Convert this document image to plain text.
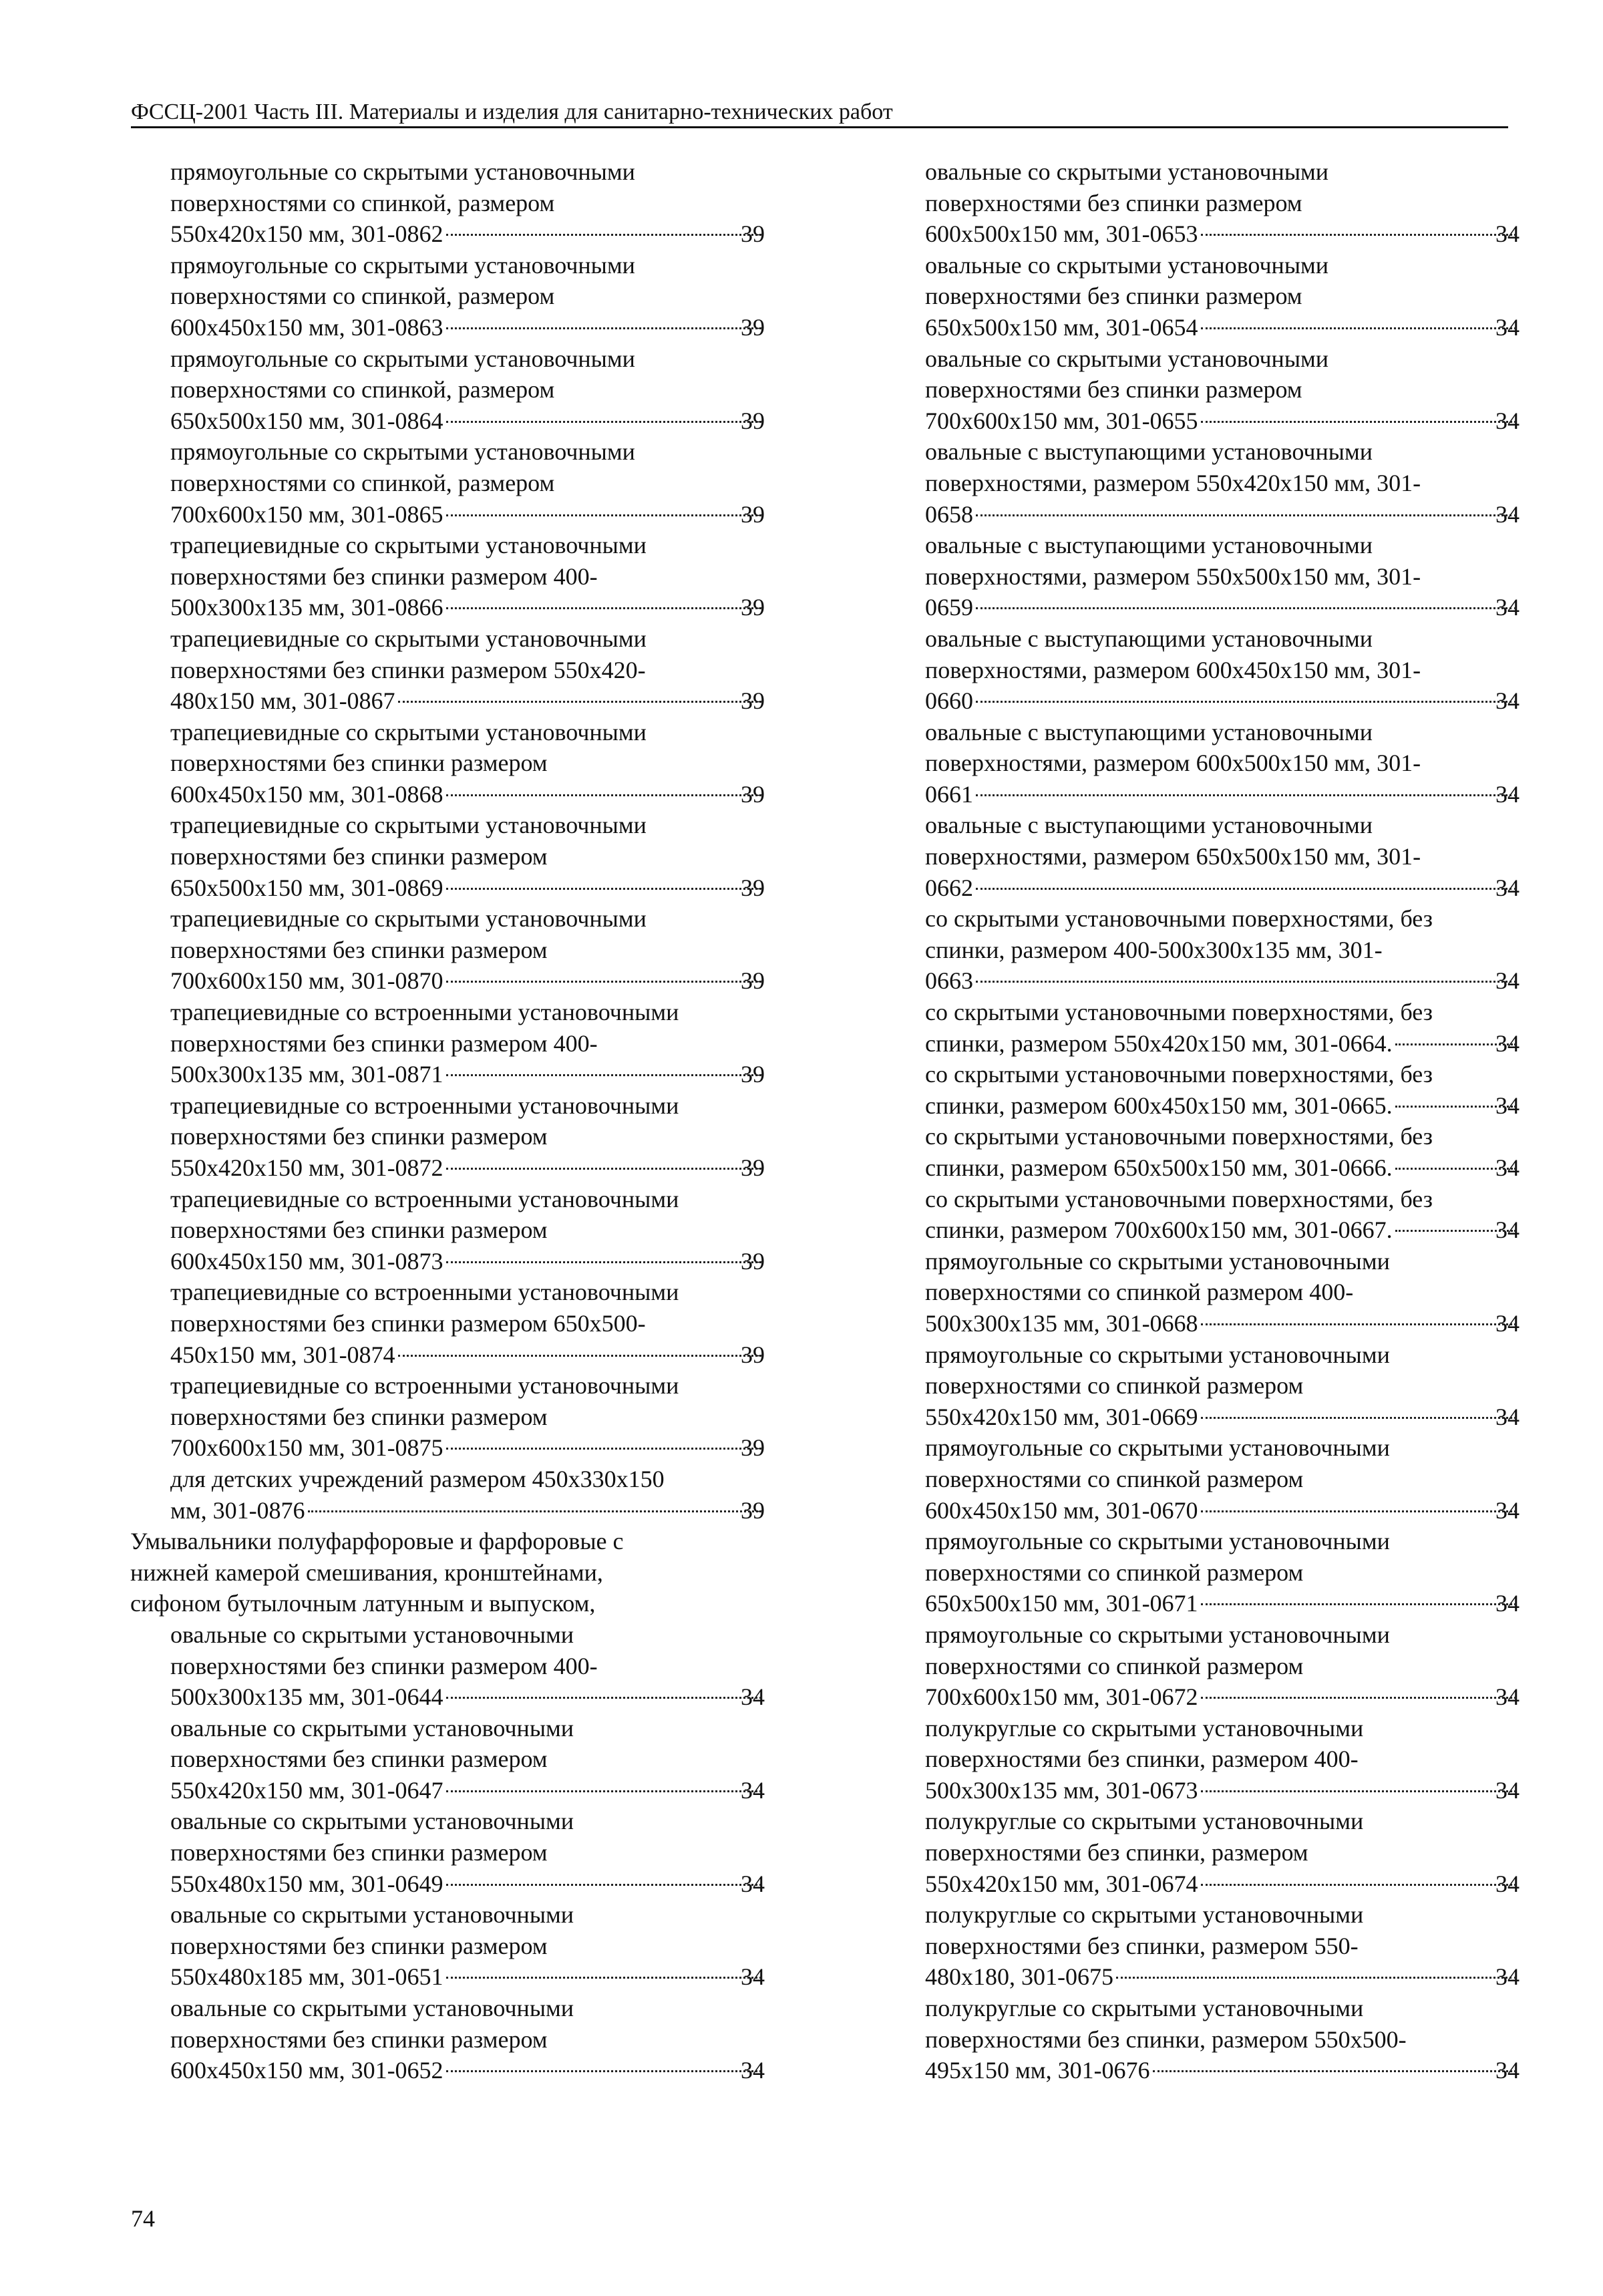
ФССЦ-2001 Часть III. Материалы и изделия для санитарно-технических работ
прямоугольные со скрытыми установочными
поверхностями со спинкой, размером
550x420x150 мм, 301-0862	39
прямоугольные со скрытыми установочными
поверхностями со спинкой, размером
600x450x150 мм, 301-0863	39
прямоугольные со скрытыми установочными
поверхностями со спинкой, размером
650x500x150 мм, 301-0864	39
прямоугольные со скрытыми установочными
поверхностями со спинкой, размером
700x600x150 мм, 301-0865	39
трапециевидные со скрытыми установочными
поверхностями без спинки размером 400-
500x300x135 мм, 301-0866	39
трапециевидные со скрытыми установочными
поверхностями без спинки размером 550x420-
480x150 мм, 301-0867	39
трапециевидные со скрытыми установочными
поверхностями без спинки размером
600x450x150 мм, 301-0868	39
трапециевидные со скрытыми установочными
поверхностями без спинки размером
650x500x150 мм, 301-0869	39
трапециевидные со скрытыми установочными
поверхностями без спинки размером
700x600x150 мм, 301-0870	39
трапециевидные со встроенными установочными
поверхностями без спинки размером 400-
500x300x135 мм, 301-0871	39
трапециевидные со встроенными установочными
поверхностями без спинки размером
550x420x150 мм, 301-0872	39
трапециевидные со встроенными установочными
поверхностями без спинки размером
600x450x150 мм, 301-0873	39
трапециевидные со встроенными установочными
поверхностями без спинки размером 650x500-
450x150 мм, 301-0874	39
трапециевидные со встроенными установочными
поверхностями без спинки размером
700x600x150 мм, 301-0875	39
для детских учреждений размером 450x330x150
мм, 301-0876	39
Умывальники полуфарфоровые и фарфоровые с
нижней камерой смешивания, кронштейнами,
сифоном бутылочным латунным и выпуском,
овальные со скрытыми установочными
поверхностями без спинки размером 400-
500x300x135 мм, 301-0644	34
овальные со скрытыми установочными
поверхностями без спинки размером
550x420x150 мм, 301-0647	34
овальные со скрытыми установочными
поверхностями без спинки размером
550x480x150 мм, 301-0649	34
овальные со скрытыми установочными
поверхностями без спинки размером
550x480x185 мм, 301-0651	34
овальные со скрытыми установочными
поверхностями без спинки размером
600x450x150 мм, 301-0652	34
овальные со скрытыми установочными
поверхностями без спинки размером
600x500x150 мм, 301-0653	34
овальные со скрытыми установочными
поверхностями без спинки размером
650x500x150 мм, 301-0654	34
овальные со скрытыми установочными
поверхностями без спинки размером
700x600x150 мм, 301-0655	34
овальные с выступающими установочными
поверхностями, размером 550x420x150 мм, 301-
0658	34
овальные с выступающими установочными
поверхностями, размером 550x500x150 мм, 301-
0659	34
овальные с выступающими установочными
поверхностями, размером 600x450x150 мм, 301-
0660	34
овальные с выступающими установочными
поверхностями, размером 600x500x150 мм, 301-
0661	34
овальные с выступающими установочными
поверхностями, размером 650x500x150 мм, 301-
0662	34
со скрытыми установочными поверхностями, без
спинки, размером 400-500x300x135 мм, 301-
0663	34
со скрытыми установочными поверхностями, без
спинки, размером 550x420x150 мм, 301-0664.	34
со скрытыми установочными поверхностями, без
спинки, размером 600x450x150 мм, 301-0665.	34
со скрытыми установочными поверхностями, без
спинки, размером 650x500x150 мм, 301-0666.	34
со скрытыми установочными поверхностями, без
спинки, размером 700x600x150 мм, 301-0667.	34
прямоугольные со скрытыми установочными
поверхностями со спинкой размером 400-
500x300x135 мм, 301-0668	34
прямоугольные со скрытыми установочными
поверхностями со спинкой размером
550x420x150 мм, 301-0669	34
прямоугольные со скрытыми установочными
поверхностями со спинкой размером
600x450x150 мм, 301-0670	34
прямоугольные со скрытыми установочными
поверхностями со спинкой размером
650x500x150 мм, 301-0671	34
прямоугольные со скрытыми установочными
поверхностями со спинкой размером
700x600x150 мм, 301-0672	34
полукруглые со скрытыми установочными
поверхностями без спинки, размером 400-
500x300x135 мм, 301-0673	34
полукруглые со скрытыми установочными
поверхностями без спинки, размером
550x420x150 мм, 301-0674	34
полукруглые со скрытыми установочными
поверхностями без спинки, размером 550-
480x180, 301-0675	34
полукруглые со скрытыми установочными
поверхностями без спинки, размером 550x500-
495x150 мм, 301-0676	34
74
